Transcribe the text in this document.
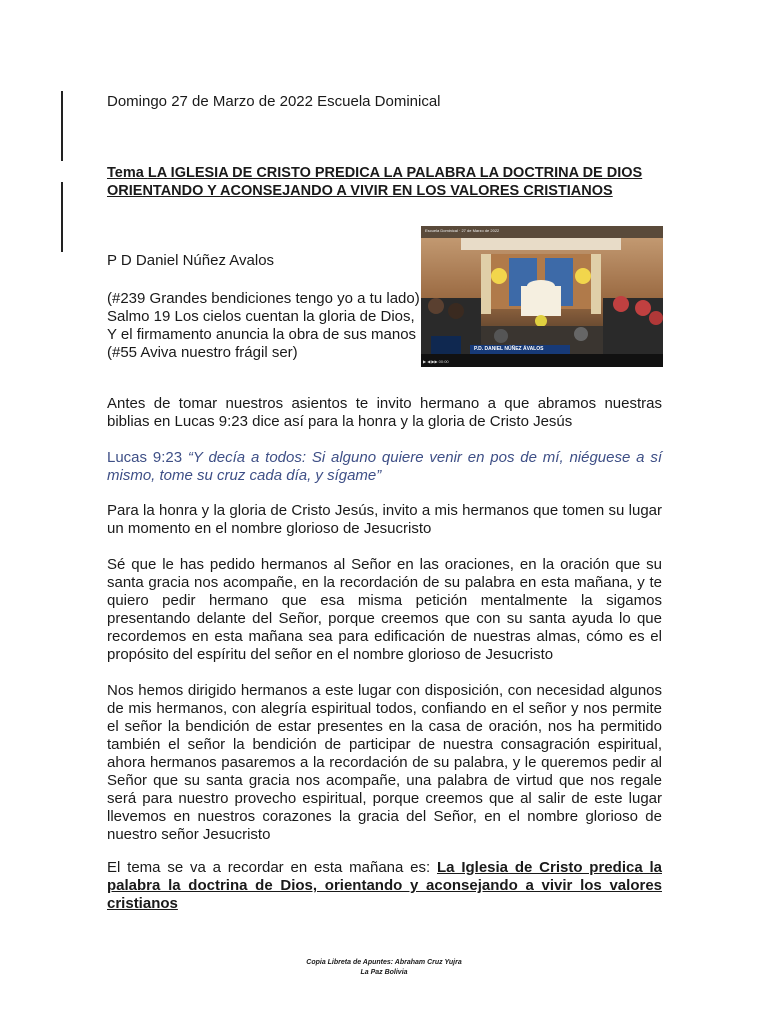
Domingo 27 de Marzo de 2022 Escuela Dominical

Tema LA IGLESIA DE CRISTO PREDICA LA PALABRA LA DOCTRINA DE DIOS ORIENTANDO Y ACONSEJANDO A VIVIR EN LOS VALORES CRISTIANOS

P D Daniel Núñez Avalos

(#239 Grandes bendiciones tengo yo a tu lado)
Salmo 19 Los cielos cuentan la gloria de Dios,
Y el firmamento anuncia la obra de sus manos
(#55 Aviva nuestro frágil ser)
Escuela Dominical · 27 de Marzo de 2022
P.D. DANIEL NÚÑEZ ÁVALOS
▶ ◀ ▶▶ 00:00

Antes de tomar nuestros asientos te invito hermano a que abramos nuestras biblias en Lucas 9:23 dice así para la honra y la gloria de Cristo Jesús

Lucas 9:23 “Y decía a todos: Si alguno quiere venir en pos de mí, niéguese a sí mismo, tome su cruz cada día, y sígame”

Para la honra y la gloria de Cristo Jesús, invito a mis hermanos que tomen su lugar un momento en el nombre glorioso de Jesucristo

Sé que le has pedido hermanos al Señor en las oraciones, en la oración que su santa gracia nos acompañe, en la recordación de su palabra en esta mañana, y te quiero pedir hermano que esa misma petición mentalmente la sigamos presentando delante del Señor, porque creemos que con su santa ayuda lo que recordemos en esta mañana sea para edificación de nuestras almas, cómo es el propósito del espíritu del señor en el nombre glorioso de Jesucristo

Nos hemos dirigido hermanos a este lugar con disposición, con necesidad algunos de mis hermanos, con alegría espiritual todos, confiando en el señor y nos permite el señor la bendición de estar presentes en la casa de oración, nos ha permitido también el señor la bendición de participar de nuestra consagración espiritual, ahora hermanos pasaremos a la recordación de su palabra, y le queremos pedir al Señor que su santa gracia nos acompañe, una palabra de virtud que nos regale será para nuestro provecho espiritual, porque creemos que al salir de este lugar llevemos en nuestros corazones la gracia del Señor, en el nombre glorioso de nuestro señor Jesucristo

El tema se va a recordar en esta mañana es: La Iglesia de Cristo predica la palabra la doctrina de Dios, orientando y aconsejando a vivir los valores cristianos

Copia Libreta de Apuntes: Abraham Cruz Yujra
La Paz Bolivia
